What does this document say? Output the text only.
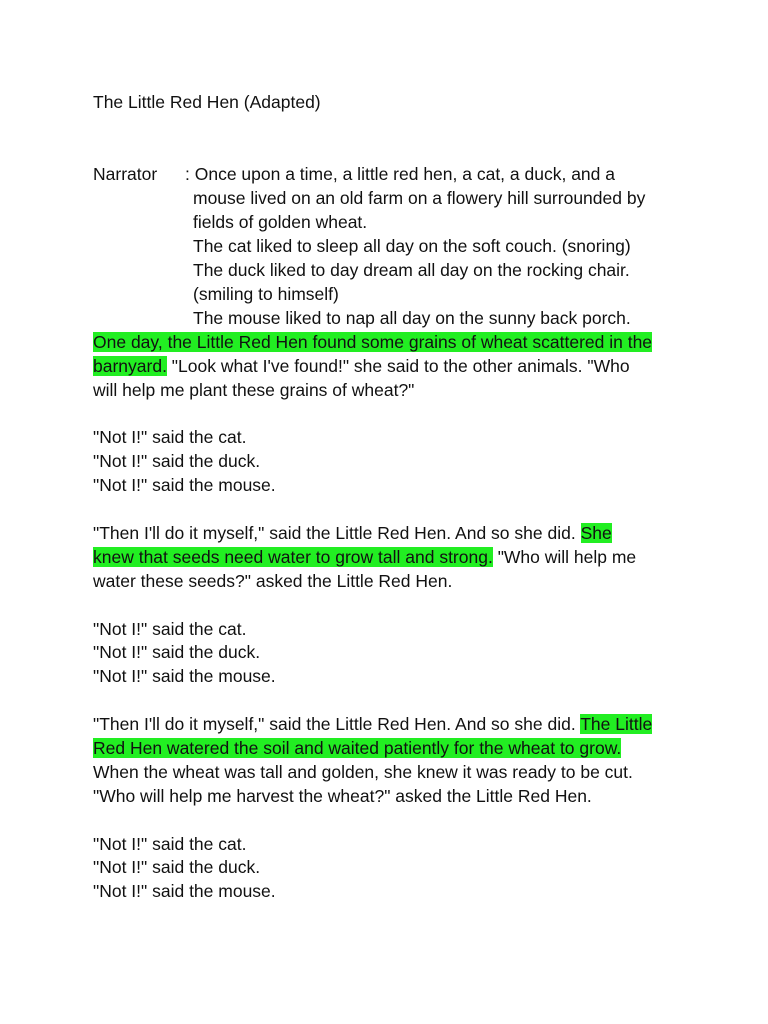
The Little Red Hen (Adapted)
Narrator : Once upon a time, a little red hen, a cat, a duck, and a
mouse lived on an old farm on a flowery hill surrounded by
fields of golden wheat.
The cat liked to sleep all day on the soft couch. (snoring)
The duck liked to day dream all day on the rocking chair.
(smiling to himself)
The mouse liked to nap all day on the sunny back porch.
One day, the Little Red Hen found some grains of wheat scattered in the
barnyard. "Look what I've found!" she said to the other animals. "Who
will help me plant these grains of wheat?"
"Not I!" said the cat.
"Not I!" said the duck.
"Not I!" said the mouse.
"Then I'll do it myself," said the Little Red Hen. And so she did. She
knew that seeds need water to grow tall and strong. "Who will help me
water these seeds?" asked the Little Red Hen.
"Not I!" said the cat.
"Not I!" said the duck.
"Not I!" said the mouse.
"Then I'll do it myself," said the Little Red Hen. And so she did. The Little
Red Hen watered the soil and waited patiently for the wheat to grow.
When the wheat was tall and golden, she knew it was ready to be cut.
"Who will help me harvest the wheat?" asked the Little Red Hen.
"Not I!" said the cat.
"Not I!" said the duck.
"Not I!" said the mouse.
